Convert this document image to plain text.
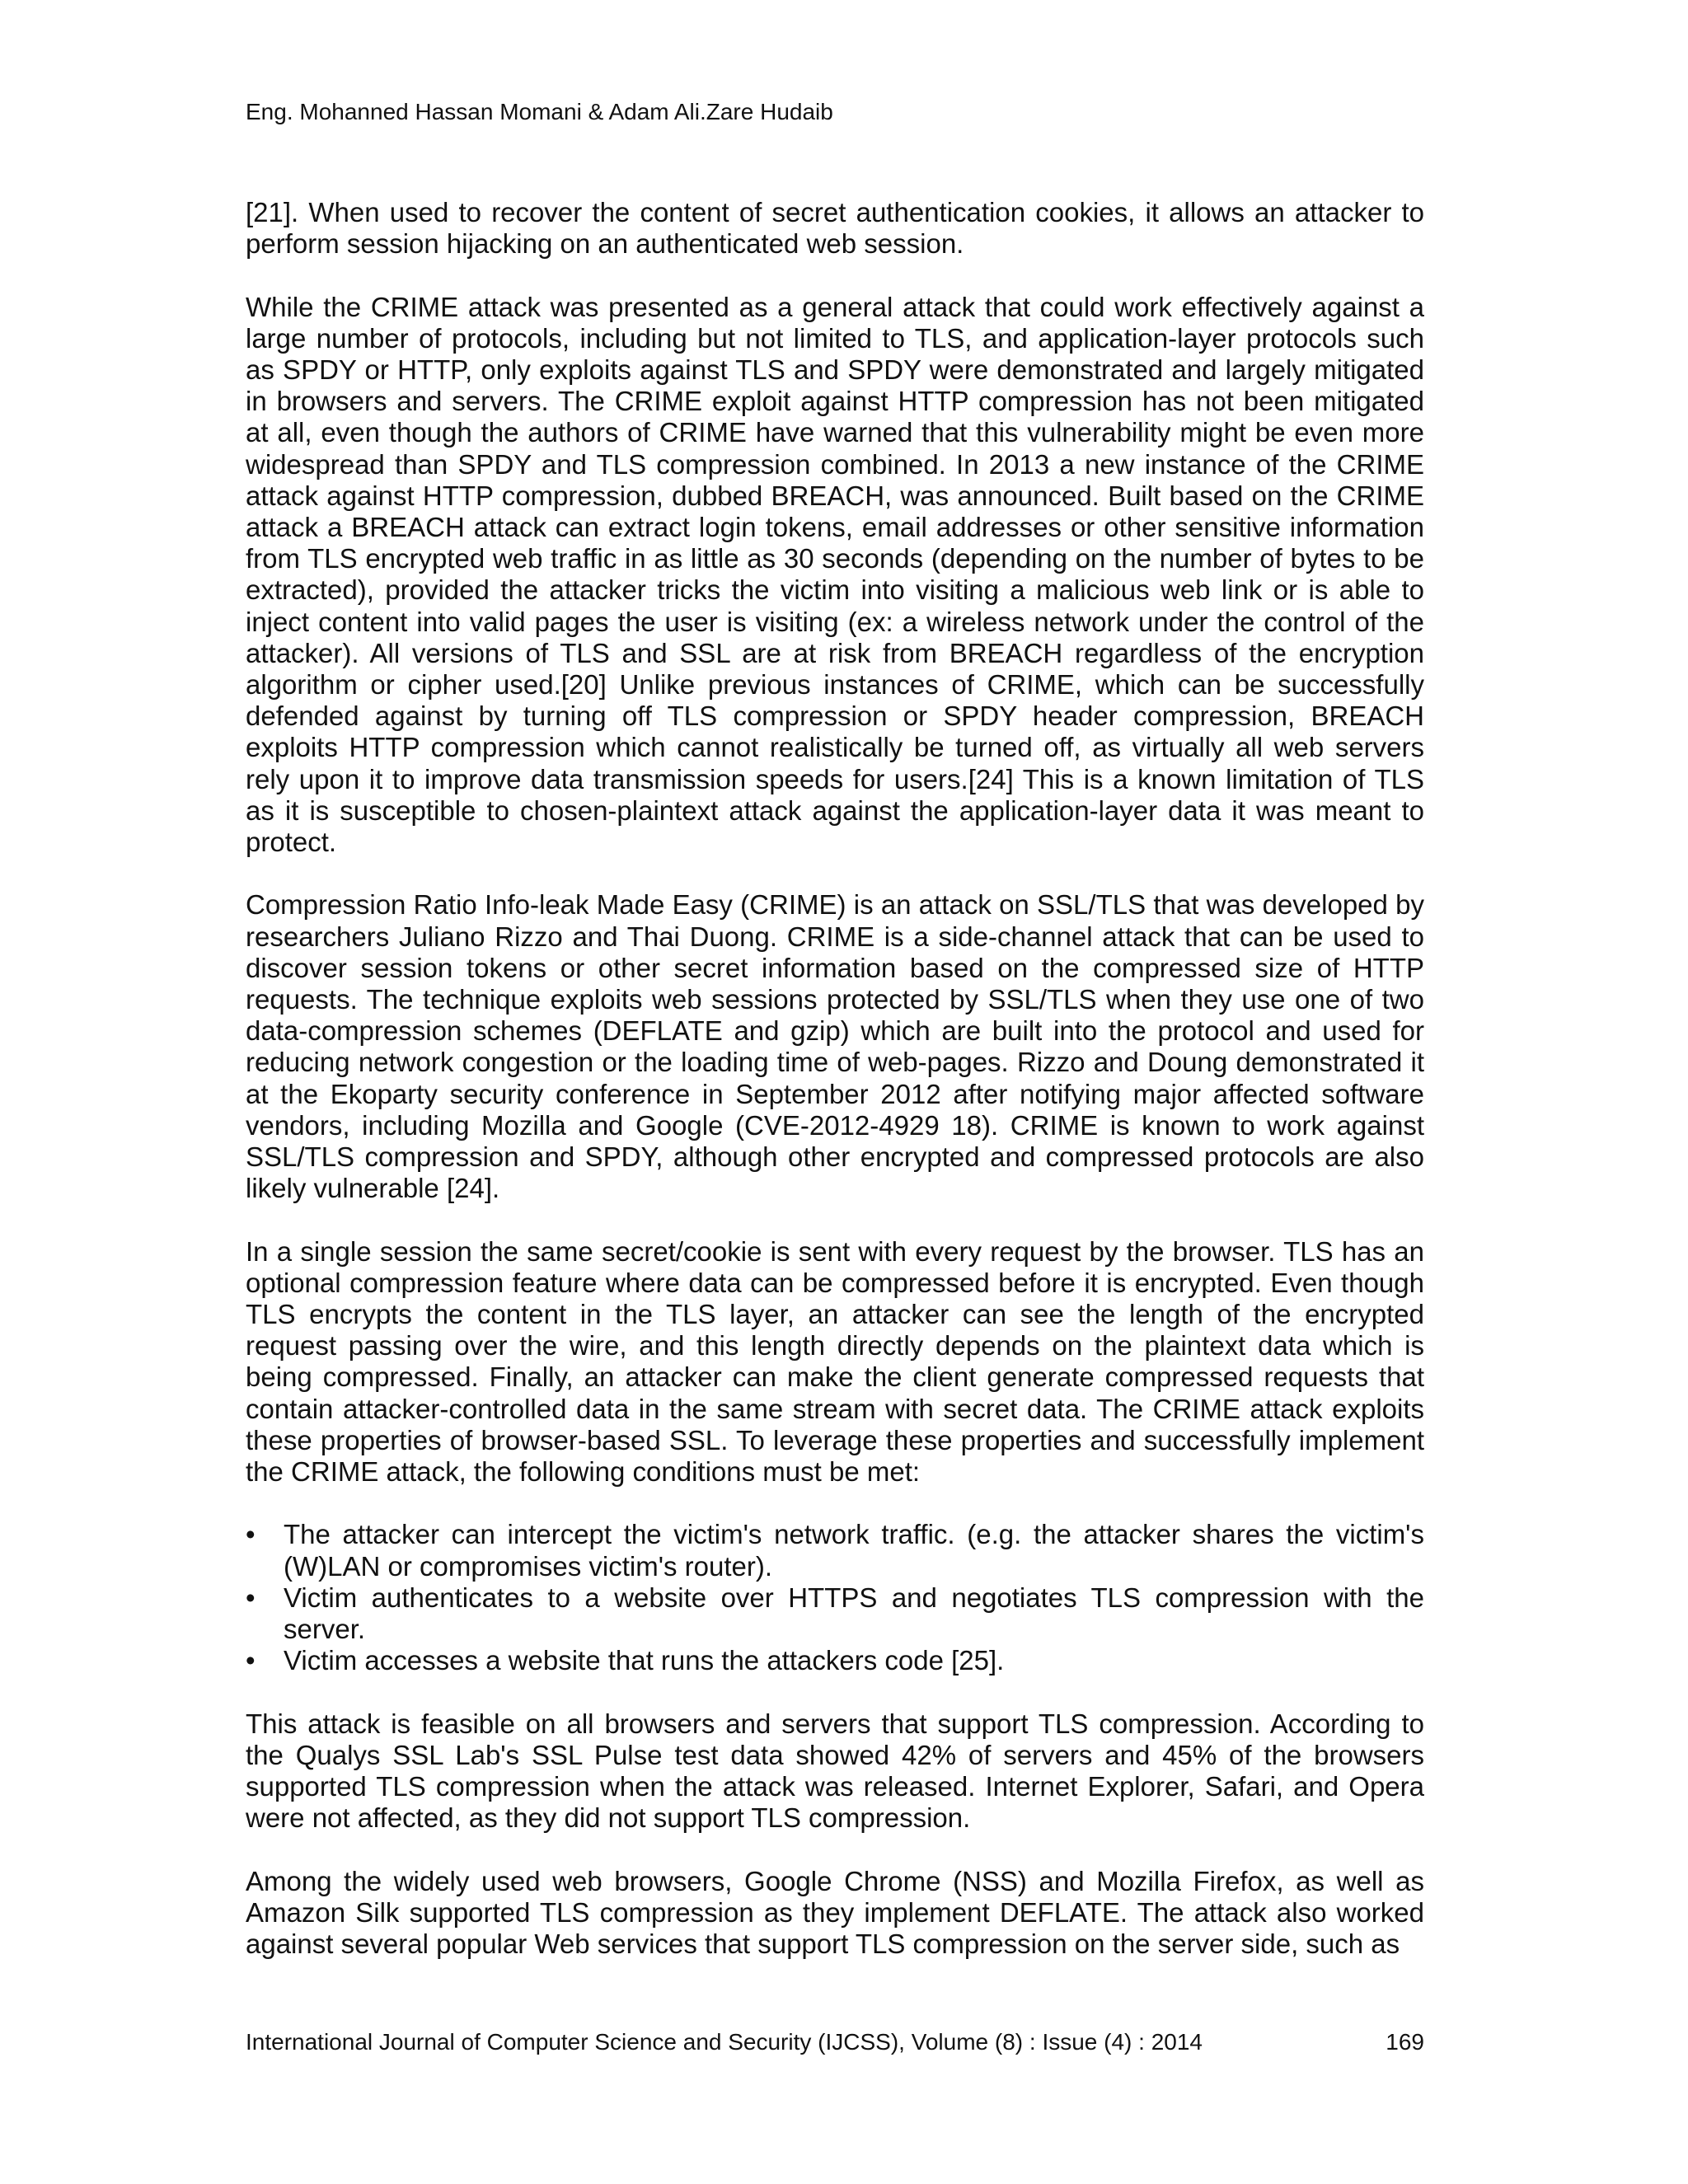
Eng. Mohanned Hassan Momani & Adam Ali.Zare Hudaib

[21]. When used to recover the content of secret authentication cookies, it allows an attacker to perform session hijacking on an authenticated web session.

While the CRIME attack was presented as a general attack that could work effectively against a large number of protocols, including but not limited to TLS, and application-layer protocols such as SPDY or HTTP, only exploits against TLS and SPDY were demonstrated and largely mitigated in browsers and servers. The CRIME exploit against HTTP compression has not been mitigated at all, even though the authors of CRIME have warned that this vulnerability might be even more widespread than SPDY and TLS compression combined. In 2013 a new instance of the CRIME attack against HTTP compression, dubbed BREACH, was announced. Built based on the CRIME attack a BREACH attack can extract login tokens, email addresses or other sensitive information from TLS encrypted web traffic in as little as 30 seconds (depending on the number of bytes to be extracted), provided the attacker tricks the victim into visiting a malicious web link or is able to inject content into valid pages the user is visiting (ex: a wireless network under the control of the attacker). All versions of TLS and SSL are at risk from BREACH regardless of the encryption algorithm or cipher used.[20] Unlike previous instances of CRIME, which can be successfully defended against by turning off TLS compression or SPDY header compression, BREACH exploits HTTP compression which cannot realistically be turned off, as virtually all web servers rely upon it to improve data transmission speeds for users.[24] This is a known limitation of TLS as it is susceptible to chosen-plaintext attack against the application-layer data it was meant to protect.

Compression Ratio Info-leak Made Easy (CRIME) is an attack on SSL/TLS that was developed by researchers Juliano Rizzo and Thai Duong. CRIME is a side-channel attack that can be used to discover session tokens or other secret information based on the compressed size of HTTP requests. The technique exploits web sessions protected by SSL/TLS when they use one of two data-compression schemes (DEFLATE and gzip) which are built into the protocol and used for reducing network congestion or the loading time of web-pages. Rizzo and Doung demonstrated it at the Ekoparty security conference in September 2012 after notifying major affected software vendors, including Mozilla and Google (CVE-2012-4929 18). CRIME is known to work against SSL/TLS compression and SPDY, although other encrypted and compressed protocols are also likely vulnerable [24].

In a single session the same secret/cookie is sent with every request by the browser. TLS has an optional compression feature where data can be compressed before it is encrypted. Even though TLS encrypts the content in the TLS layer, an attacker can see the length of the encrypted request passing over the wire, and this length directly depends on the plaintext data which is being compressed. Finally, an attacker can make the client generate compressed requests that contain attacker-controlled data in the same stream with secret data. The CRIME attack exploits these properties of browser-based SSL. To leverage these properties and successfully implement the CRIME attack, the following conditions must be met:

• The attacker can intercept the victim's network traffic. (e.g. the attacker shares the victim's (W)LAN or compromises victim's router).
• Victim authenticates to a website over HTTPS and negotiates TLS compression with the server.
• Victim accesses a website that runs the attackers code [25].

This attack is feasible on all browsers and servers that support TLS compression. According to the Qualys SSL Lab's SSL Pulse test data showed 42% of servers and 45% of the browsers supported TLS compression when the attack was released. Internet Explorer, Safari, and Opera were not affected, as they did not support TLS compression.

Among the widely used web browsers, Google Chrome (NSS) and Mozilla Firefox, as well as Amazon Silk supported TLS compression as they implement DEFLATE. The attack also worked against several popular Web services that support TLS compression on the server side, such as

International Journal of Computer Science and Security (IJCSS), Volume (8) : Issue (4) : 2014	169
